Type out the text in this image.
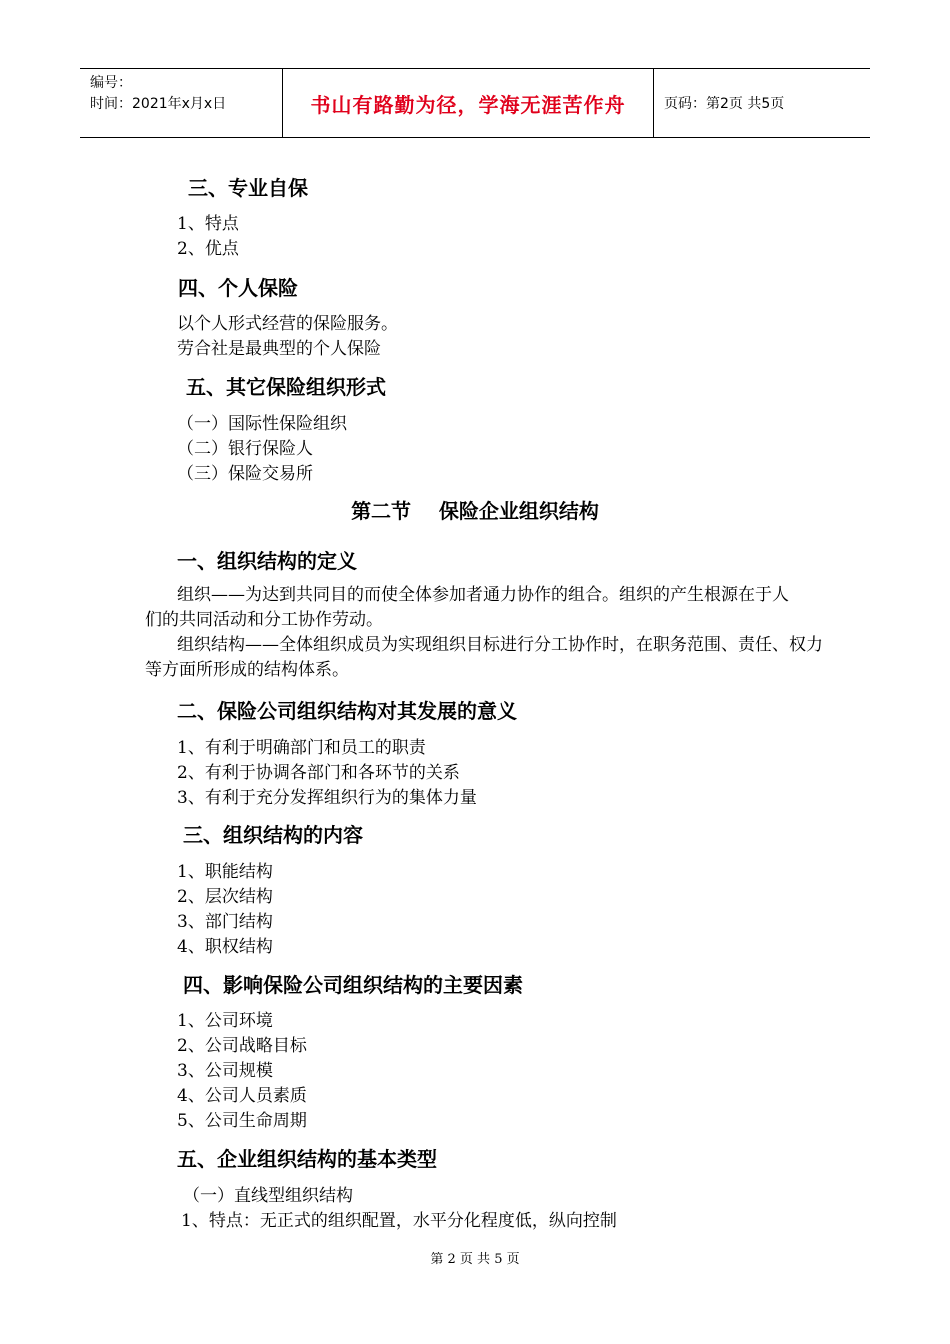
编号：
时间：2021年x月x日	书山有路勤为径，学海无涯苦作舟	页码：第2页 共5页
三、专业自保
1、特点
2、优点
四、个人保险
以个人形式经营的保险服务。
劳合社是最典型的个人保险
五、其它保险组织形式
（一）国际性保险组织
（二）银行保险人
（三）保险交易所
第二节    保险企业组织结构
一、组织结构的定义
组织——为达到共同目的而使全体参加者通力协作的组合。组织的产生根源在于人们的共同活动和分工协作劳动。
组织结构——全体组织成员为实现组织目标进行分工协作时，在职务范围、责任、权力等方面所形成的结构体系。
二、保险公司组织结构对其发展的意义
1、有利于明确部门和员工的职责
2、有利于协调各部门和各环节的关系
3、有利于充分发挥组织行为的集体力量
三、组织结构的内容
1、职能结构
2、层次结构
3、部门结构
4、职权结构
四、影响保险公司组织结构的主要因素
1、公司环境
2、公司战略目标
3、公司规模
4、公司人员素质
5、公司生命周期
五、企业组织结构的基本类型
（一）直线型组织结构
1、特点：无正式的组织配置，水平分化程度低，纵向控制
第 2 页 共 5 页
